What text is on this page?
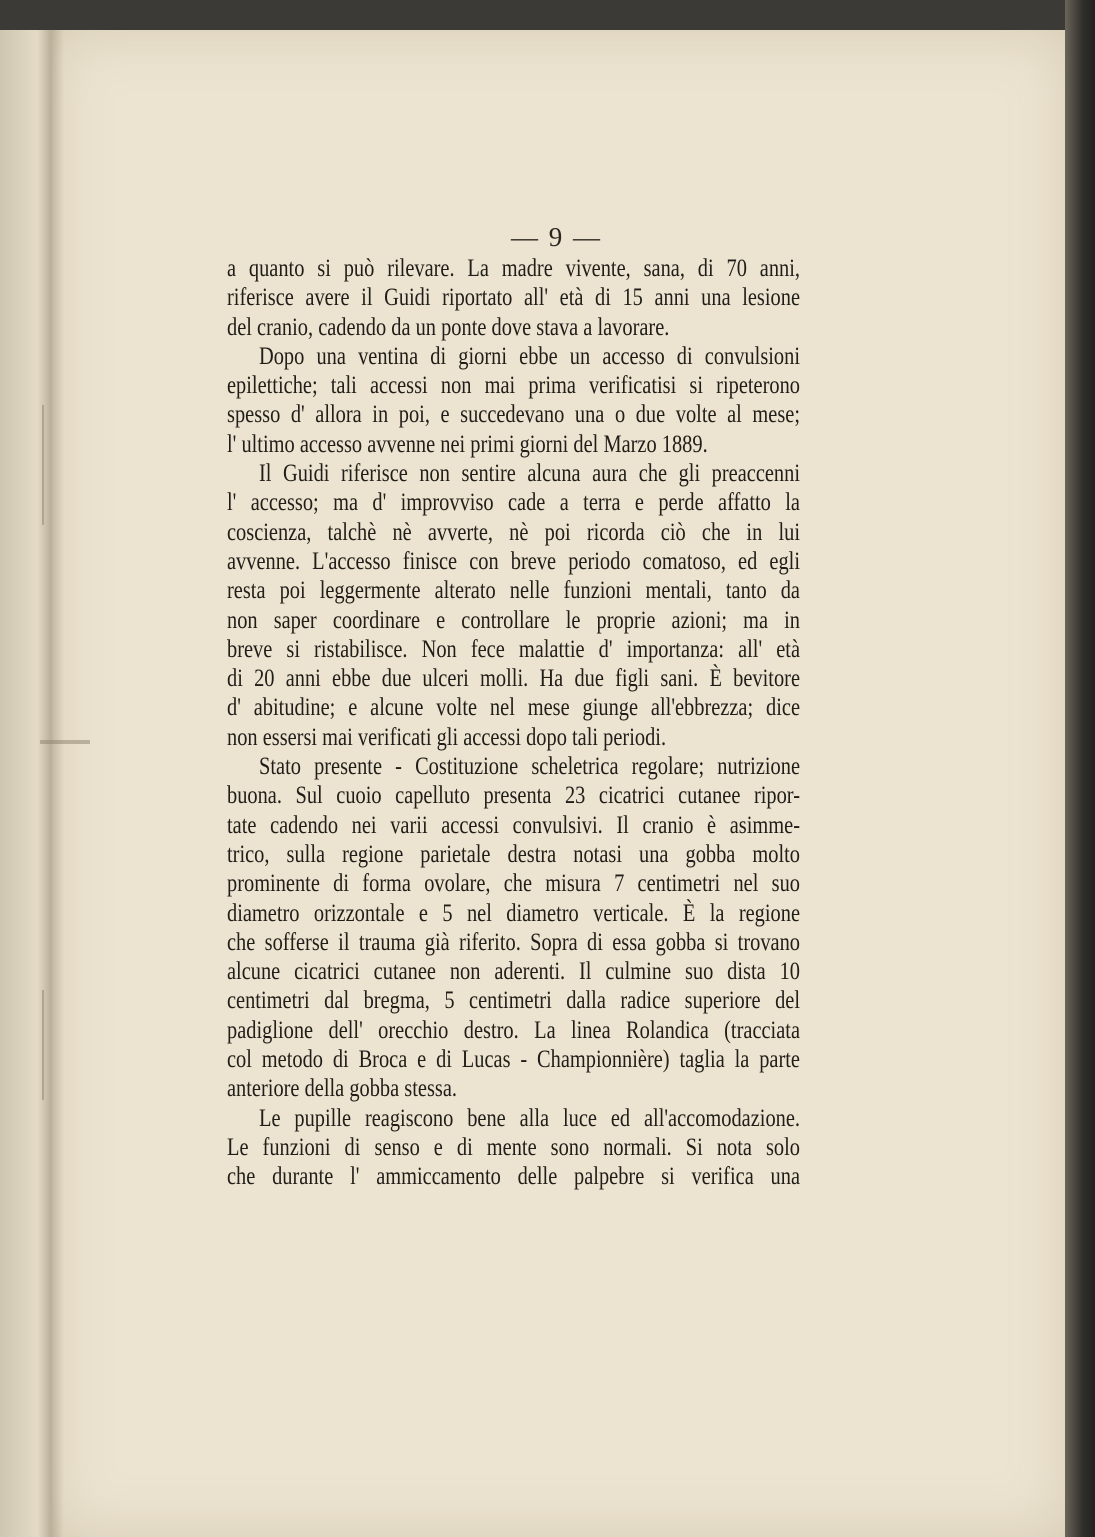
— 9 —
a quanto si può rilevare. La madre vivente, sana, di 70 anni,
riferisce avere il Guidi riportato all' età di 15 anni una lesione
del cranio, cadendo da un ponte dove stava a lavorare.
Dopo una ventina di giorni ebbe un accesso di convulsioni
epilettiche; tali accessi non mai prima verificatisi si ripeterono
spesso d' allora in poi, e succedevano una o due volte al mese;
l' ultimo accesso avvenne nei primi giorni del Marzo 1889.
Il Guidi riferisce non sentire alcuna aura che gli preaccenni
l' accesso; ma d' improvviso cade a terra e perde affatto la
coscienza, talchè nè avverte, nè poi ricorda ciò che in lui
avvenne. L'accesso finisce con breve periodo comatoso, ed egli
resta poi leggermente alterato nelle funzioni mentali, tanto da
non saper coordinare e controllare le proprie azioni; ma in
breve si ristabilisce. Non fece malattie d' importanza: all' età
di 20 anni ebbe due ulceri molli. Ha due figli sani. È bevitore
d' abitudine; e alcune volte nel mese giunge all'ebbrezza; dice
non essersi mai verificati gli accessi dopo tali periodi.
Stato presente - Costituzione scheletrica regolare; nutrizione
buona. Sul cuoio capelluto presenta 23 cicatrici cutanee ripor-
tate cadendo nei varii accessi convulsivi. Il cranio è asimme-
trico, sulla regione parietale destra notasi una gobba molto
prominente di forma ovolare, che misura 7 centimetri nel suo
diametro orizzontale e 5 nel diametro verticale. È la regione
che sofferse il trauma già riferito. Sopra di essa gobba si trovano
alcune cicatrici cutanee non aderenti. Il culmine suo dista 10
centimetri dal bregma, 5 centimetri dalla radice superiore del
padiglione dell' orecchio destro. La linea Rolandica (tracciata
col metodo di Broca e di Lucas - Championnière) taglia la parte
anteriore della gobba stessa.
Le pupille reagiscono bene alla luce ed all'accomodazione.
Le funzioni di senso e di mente sono normali. Si nota solo
che durante l' ammiccamento delle palpebre si verifica una
